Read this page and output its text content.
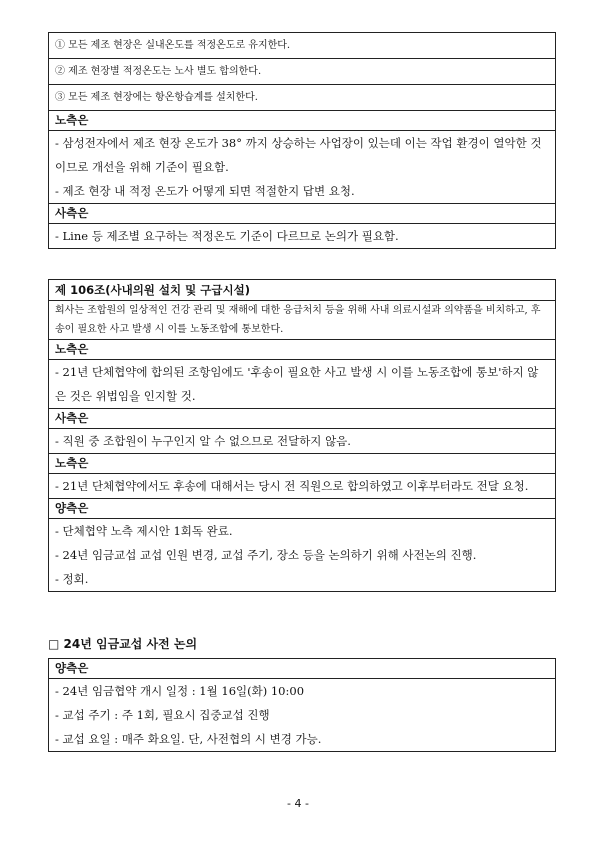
① 모든 제조 현장은 실내온도를 적정온도로 유지한다.
② 제조 현장별 적정온도는 노사 별도 합의한다.
③ 모든 제조 현장에는 항온항습계를 설치한다.
노측은

- 삼성전자에서 제조 현장 온도가 38° 까지 상승하는 사업장이 있는데 이는 작업 환경이 열악한 것이므로 개선을 위해 기준이 필요함.

- 제조 현장 내 적정 온도가 어떻게 되면 적절한지 답변 요청.

사측은

- Line 등 제조별 요구하는 적정온도 기준이 다르므로 논의가 필요함.

제 106조(사내의원 설치 및 구급시설)
회사는 조합원의 일상적인 건강 관리 및 재해에 대한 응급처치 등을 위해 사내 의료시설과 의약품을 비치하고, 후송이 필요한 사고 발생 시 이를 노동조합에 통보한다.
노측은

- 21년 단체협약에 합의된 조항임에도 '후송이 필요한 사고 발생 시 이를 노동조합에 통보'하지 않은 것은 위법임을 인지할 것.

사측은

- 직원 중 조합원이 누구인지 알 수 없으므로 전달하지 않음.

노측은

- 21년 단체협약에서도 후송에 대해서는 당시 전 직원으로 합의하였고 이후부터라도 전달 요청.

양측은

- 단체협약 노측 제시안 1회독 완료.

- 24년 임금교섭 교섭 인원 변경, 교섭 주기, 장소 등을 논의하기 위해 사전논의 진행.

- 정회.

□ 24년 임금교섭 사전 논의
양측은

- 24년 임금협약 개시 일정 : 1월 16일(화) 10:00

- 교섭 주기 : 주 1회, 필요시 집중교섭 진행

- 교섭 요일 : 매주 화요일. 단, 사전협의 시 변경 가능.

- 4 -
